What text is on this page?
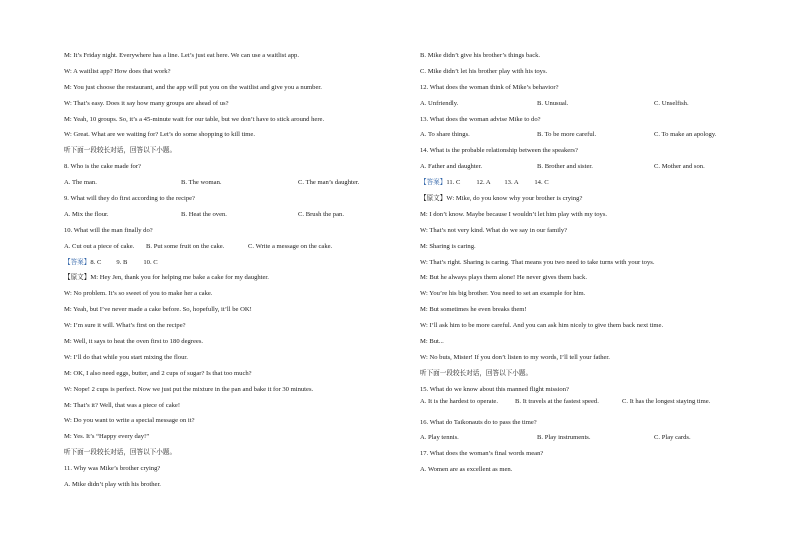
M: It’s Friday night. Everywhere has a line. Let’s just eat here. We can use a waitlist app.
W: A waitlist app? How does that work?
M: You just choose the restaurant, and the app will put you on the waitlist and give you a number.
W: That’s easy. Does it say how many groups are ahead of us?
M: Yeah, 10 groups. So, it’s a 45-minute wait for our table, but we don’t have to stick around here.
W: Great. What are we waiting for? Let’s do some shopping to kill time.
听下面一段较长对话，回答以下小题。
8. Who is the cake made for?
A. The man.	B. The woman.	C. The man’s daughter.
9. What will they do first according to the recipe?
A. Mix the flour.	B. Heat the oven.	C. Brush the pan.
10. What will the man finally do?
A. Cut out a piece of cake.	B. Put some fruit on the cake.	C. Write a message on the cake.
【答案】 8. C	9. B	10. C
【原文】M: Hey Jen, thank you for helping me bake a cake for my daughter.
W: No problem. It’s so sweet of you to make her a cake.
M: Yeah, but I’ve never made a cake before. So, hopefully, it’ll be OK!
W: I’m sure it will. What’s first on the recipe?
M: Well, it says to heat the oven first to 180 degrees.
W: I’ll do that while you start mixing the flour.
M: OK, I also need eggs, butter, and 2 cups of sugar? Is that too much?
W: Nope! 2 cups is perfect. Now we just put the mixture in the pan and bake it for 30 minutes.
M: That’s it? Well, that was a piece of cake!
W: Do you want to write a special message on it?
M: Yes. It’s “Happy every day!”
听下面一段较长对话，回答以下小题。
11. Why was Mike’s brother crying?
A. Mike didn’t play with his brother.
B. Mike didn’t give his brother’s things back.
C. Mike didn’t let his brother play with his toys.
12. What does the woman think of Mike’s behavior?
A. Unfriendly.	B. Unusual.	C. Unselfish.
13. What does the woman advise Mike to do?
A. To share things.	B. To be more careful.	C. To make an apology.
14. What is the probable relationship between the speakers?
A. Father and daughter.	B. Brother and sister.	C. Mother and son.
【答案】 11. C	12. A	13. A	14. C
【原文】W: Mike, do you know why your brother is crying?
M: I don’t know. Maybe because I wouldn’t let him play with my toys.
W: That’s not very kind. What do we say in our family?
M: Sharing is caring.
W: That’s right. Sharing is caring. That means you two need to take turns with your toys.
M: But he always plays them alone! He never gives them back.
W: You’re his big brother. You need to set an example for him.
M: But sometimes he even breaks them!
W: I’ll ask him to be more careful. And you can ask him nicely to give them back next time.
M: But...
W: No buts, Mister! If you don’t listen to my words, I’ll tell your father.
听下面一段较长对话，回答以下小题。
15. What do we know about this manned flight mission?
A. It is the hardest to operate.	B. It travels at the fastest speed.	C. It has the longest staying time.
16. What do Taikonauts do to pass the time?
A. Play tennis.	B. Play instruments.	C. Play cards.
17. What does the woman’s final words mean?
A. Women are as excellent as men.
